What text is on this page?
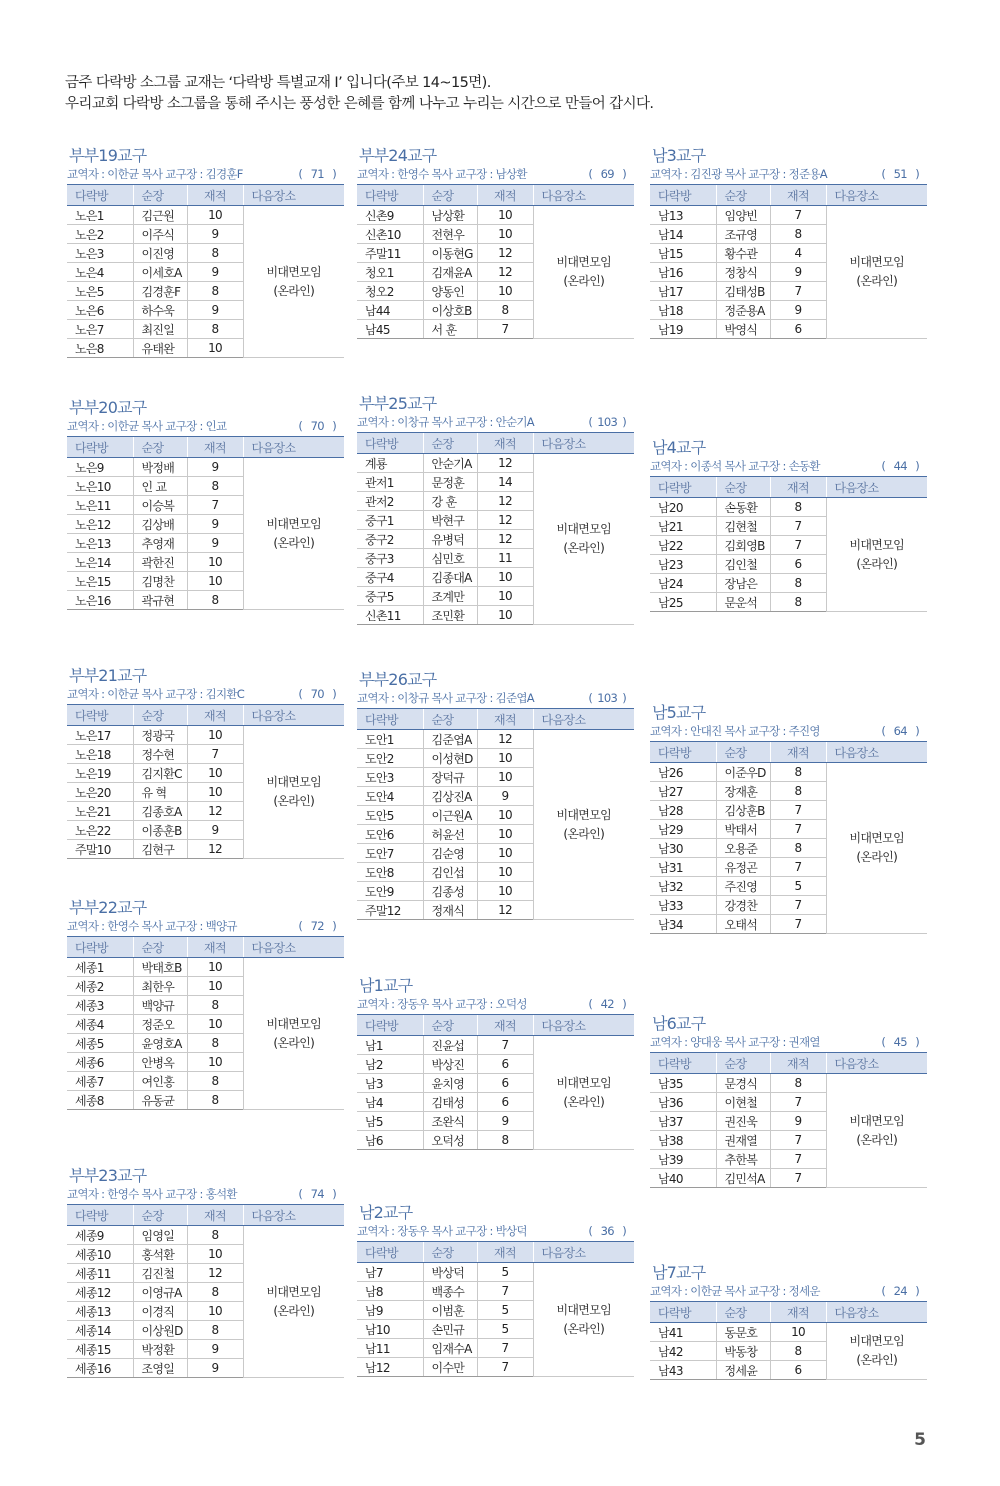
금주 다락방 소그룹 교재는 ‘다락방 특별교재 I’ 입니다(주보 14~15면).
우리교회 다락방 소그룹을 통해 주시는 풍성한 은혜를 함께 나누고 누리는 시간으로 만들어 갑시다.
부부19교구
교역자 : 이한균 목사 교구장 : 김경훈F	( 71 )
다락방	순장	재적	다음장소
노은1	김근원	10	비대면모임
(온라인)
노은2	이주식	9	
노은3	이진영	8	
노은4	이세호A	9	
노은5	김경훈F	8	
노은6	하수욱	9	
노은7	최진일	8	
노은8	유태완	10	
부부20교구
교역자 : 이한균 목사 교구장 : 인교	( 70 )
다락방	순장	재적	다음장소
노은9	박정배	9	비대면모임
(온라인)
노은10	인 교	8	
노은11	이승복	7	
노은12	김상배	9	
노은13	추영재	9	
노은14	곽한진	10	
노은15	김명찬	10	
노은16	곽규현	8	
부부21교구
교역자 : 이한균 목사 교구장 : 김지환C	( 70 )
다락방	순장	재적	다음장소
노은17	정광국	10	비대면모임
(온라인)
노은18	정수현	7	
노은19	김지환C	10	
노은20	유 혁	10	
노은21	김종호A	12	
노은22	이종훈B	9	
주말10	김현구	12	
부부22교구
교역자 : 한영수 목사 교구장 : 백양규	( 72 )
다락방	순장	재적	다음장소
세종1	박태호B	10	비대면모임
(온라인)
세종2	최한우	10	
세종3	백양규	8	
세종4	정준오	10	
세종5	윤영호A	8	
세종6	안병옥	10	
세종7	여인홍	8	
세종8	유동균	8	
부부23교구
교역자 : 한영수 목사 교구장 : 홍석환	( 74 )
다락방	순장	재적	다음장소
세종9	임영일	8	비대면모임
(온라인)
세종10	홍석환	10	
세종11	김진철	12	
세종12	이영규A	8	
세종13	이경직	10	
세종14	이상원D	8	
세종15	박정환	9	
세종16	조영일	9	
부부24교구
교역자 : 한영수 목사 교구장 : 남상환	( 69 )
다락방	순장	재적	다음장소
신촌9	남상환	10	비대면모임
(온라인)
신촌10	전현우	10	
주말11	이동현G	12	
청오1	김재윤A	12	
청오2	양동인	10	
남44	이상호B	8	
남45	서 훈	7	
부부25교구
교역자 : 이창규 목사 교구장 : 안순기A	( 103 )
다락방	순장	재적	다음장소
계룡	안순기A	12	비대면모임
(온라인)
관저1	문정훈	14	
관저2	강 훈	12	
중구1	박현구	12	
중구2	유병덕	12	
중구3	심민호	11	
중구4	김종대A	10	
중구5	조계만	10	
신촌11	조민환	10	
부부26교구
교역자 : 이창규 목사 교구장 : 김준엽A	( 103 )
다락방	순장	재적	다음장소
도안1	김준엽A	12	비대면모임
(온라인)
도안2	이성현D	10	
도안3	장덕규	10	
도안4	김상진A	9	
도안5	이근원A	10	
도안6	허윤선	10	
도안7	김순영	10	
도안8	김인섭	10	
도안9	김종성	10	
주말12	정재식	12	
남1교구
교역자 : 장동우 목사 교구장 : 오덕성	( 42 )
다락방	순장	재적	다음장소
남1	진윤섭	7	비대면모임
(온라인)
남2	박상진	6	
남3	윤치영	6	
남4	김태성	6	
남5	조완식	9	
남6	오덕성	8	
남2교구
교역자 : 장동우 목사 교구장 : 박상덕	( 36 )
다락방	순장	재적	다음장소
남7	박상덕	5	비대면모임
(온라인)
남8	백종수	7	
남9	이범훈	5	
남10	손민규	5	
남11	임재수A	7	
남12	이수만	7	
남3교구
교역자 : 김진광 목사 교구장 : 정준용A	( 51 )
다락방	순장	재적	다음장소
남13	임양빈	7	비대면모임
(온라인)
남14	조규영	8	
남15	황수관	4	
남16	정창식	9	
남17	김태성B	7	
남18	정준용A	9	
남19	박영식	6	
남4교구
교역자 : 이종석 목사 교구장 : 손동환	( 44 )
다락방	순장	재적	다음장소
남20	손동환	8	비대면모임
(온라인)
남21	김현철	7	
남22	김회영B	7	
남23	김인철	6	
남24	장남은	8	
남25	문운석	8	
남5교구
교역자 : 안대진 목사 교구장 : 주진영	( 64 )
다락방	순장	재적	다음장소
남26	이준우D	8	비대면모임
(온라인)
남27	장재훈	8	
남28	김상훈B	7	
남29	박태서	7	
남30	오용준	8	
남31	유정곤	7	
남32	주진영	5	
남33	강경찬	7	
남34	오태석	7	
남6교구
교역자 : 양대웅 목사 교구장 : 권재열	( 45 )
다락방	순장	재적	다음장소
남35	문경식	8	비대면모임
(온라인)
남36	이현철	7	
남37	권진욱	9	
남38	권재열	7	
남39	추한복	7	
남40	김민석A	7	
남7교구
교역자 : 이한균 목사 교구장 : 정세운	( 24 )
다락방	순장	재적	다음장소
남41	동문호	10	비대면모임
(온라인)
남42	박동창	8	
남43	정세윤	6	
5
